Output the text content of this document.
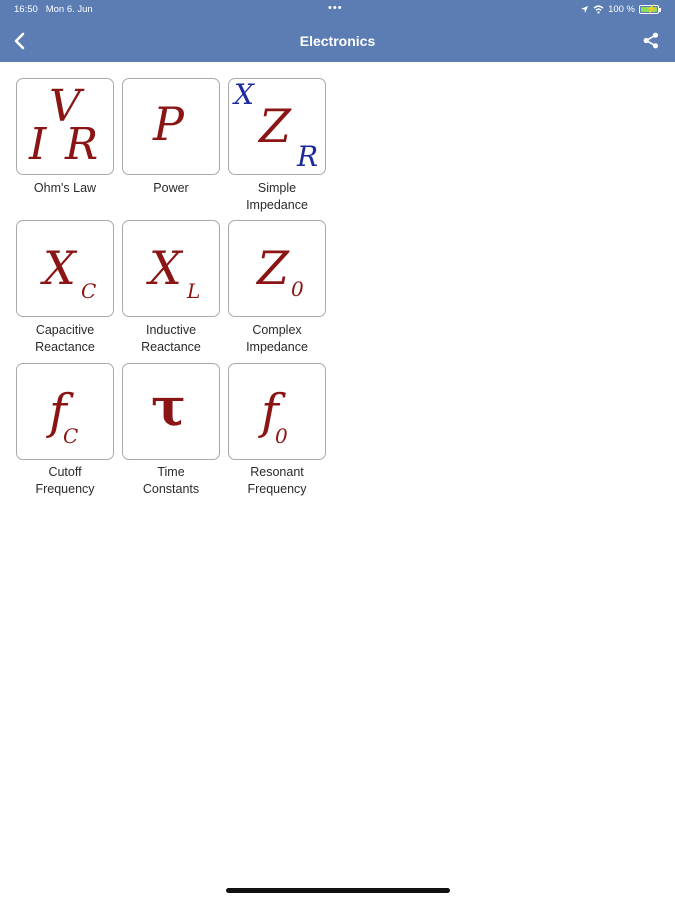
16:50 Mon 6. Jun	•••	100 % ⚡
Electronics
V
I R
Ohm's Law
P
Power
X
Z
R
Simple
Impedance
X C
Capacitive
Reactance
X L
Inductive
Reactance
Z 0
Complex
Impedance
f
C
Cutoff
Frequency
τ
Time
Constants
f
0
Resonant
Frequency
